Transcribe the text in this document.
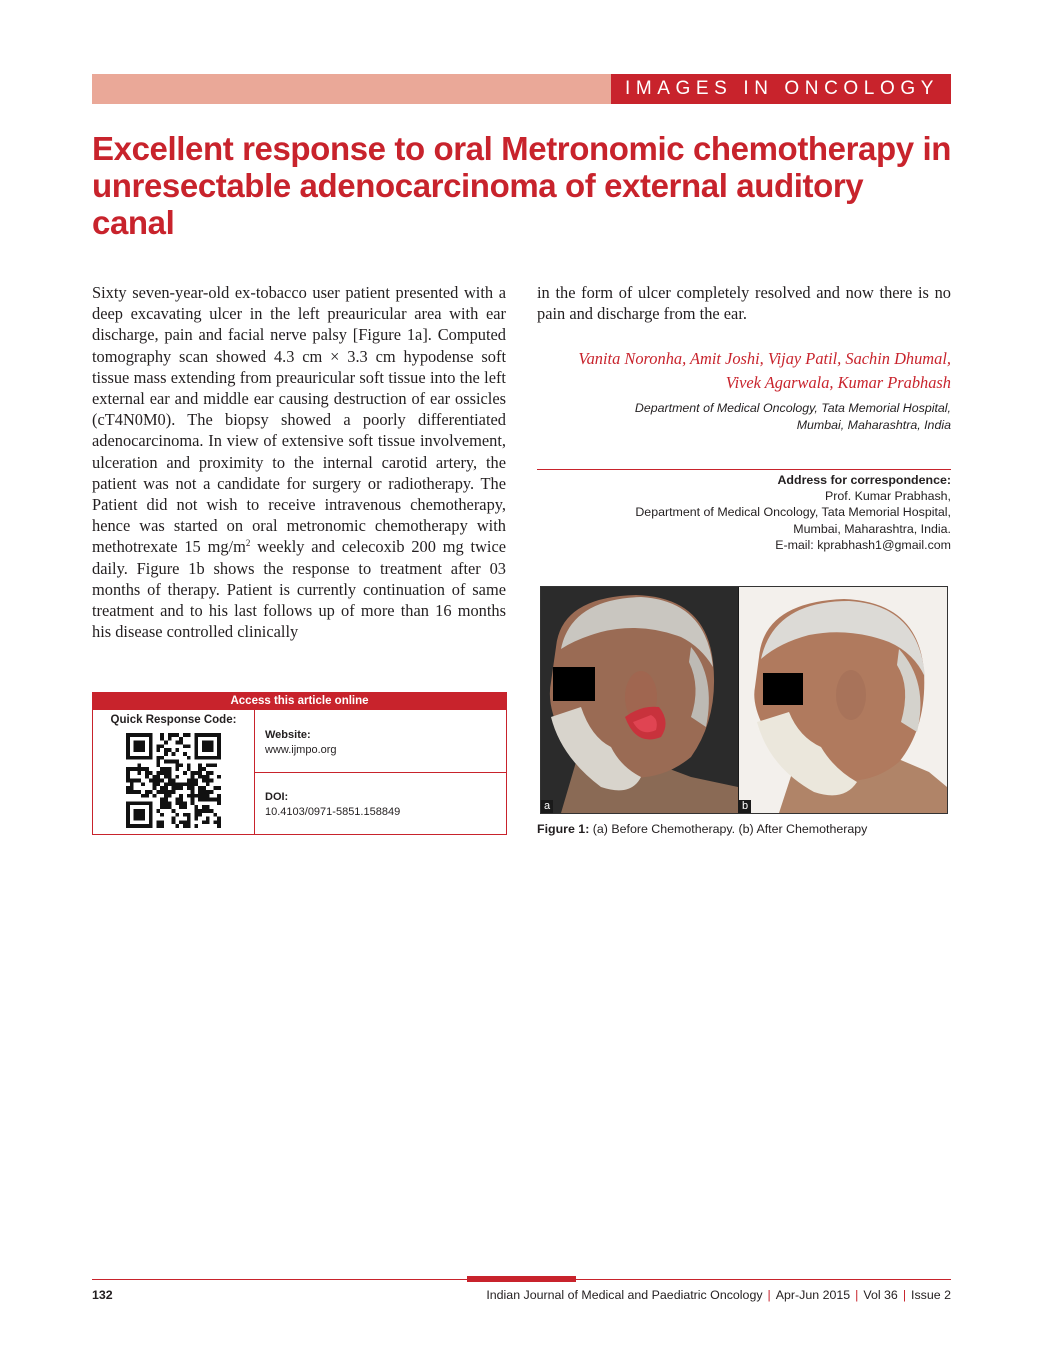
IMAGES IN ONCOLOGY
Excellent response to oral Metronomic chemotherapy in unresectable adenocarcinoma of external auditory canal

Sixty seven-year-old ex-tobacco user patient presented with a deep excavating ulcer in the left preauricular area with ear discharge, pain and facial nerve palsy [Figure 1a]. Computed tomography scan showed 4.3 cm × 3.3 cm hypodense soft tissue mass extending from preauricular soft tissue into the left external ear and middle ear causing destruction of ear ossicles (cT4N0M0). The biopsy showed a poorly differentiated adenocarcinoma. In view of extensive soft tissue involvement, ulceration and proximity to the internal carotid artery, the patient was not a candidate for surgery or radiotherapy. The Patient did not wish to receive intravenous chemotherapy, hence was started on oral metronomic chemotherapy with methotrexate 15 $mg/m^2$ weekly and celecoxib 200 mg twice daily. Figure 1b shows the response to treatment after 03 months of therapy. Patient is currently continuation of same treatment and to his last follows up of more than 16 months his disease controlled clinically

in the form of ulcer completely resolved and now there is no pain and discharge from the ear.

Vanita Noronha, Amit Joshi, Vijay Patil, Sachin Dhumal,
Vivek Agarwala, Kumar Prabhash

Department of Medical Oncology, Tata Memorial Hospital,
Mumbai, Maharashtra, India

Address for correspondence:
Prof. Kumar Prabhash,
Department of Medical Oncology, Tata Memorial Hospital,
Mumbai, Maharashtra, India.
E-mail: kprabhash1@gmail.com
a	b
Figure 1: (a) Before Chemotherapy. (b) After Chemotherapy
Access this article online
Quick Response Code:
Website:
www.ijmpo.org
DOI:
10.4103/0971-5851.158849
132	Indian Journal of Medical and Paediatric Oncology | Apr-Jun 2015 | Vol 36 | Issue 2
